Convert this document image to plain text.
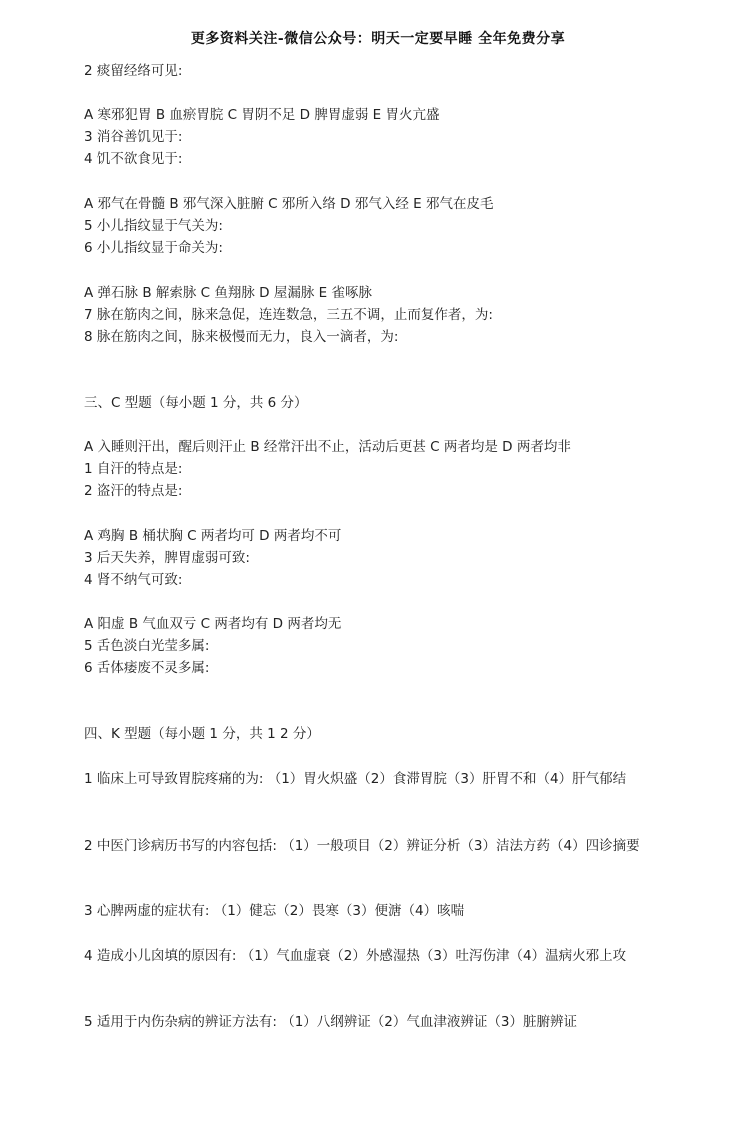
更多资料关注-微信公众号：明天一定要早睡 全年免费分享
2 痰留经络可见:
A 寒邪犯胃 B 血瘀胃脘 C 胃阴不足 D 脾胃虚弱 E 胃火亢盛
3 消谷善饥见于:
4 饥不欲食见于:
A 邪气在骨髓 B 邪气深入脏腑 C 邪所入络 D 邪气入经 E 邪气在皮毛
5 小儿指纹显于气关为:
6 小儿指纹显于命关为:
A 弹石脉 B 解索脉 C 鱼翔脉 D 屋漏脉 E 雀啄脉
7 脉在筋肉之间，脉来急促，连连数急，三五不调，止而复作者，为:
8 脉在筋肉之间，脉来极慢而无力，良入一滴者，为:
三、C 型题（每小题 1 分，共 6 分）
A 入睡则汗出，醒后则汗止 B 经常汗出不止，活动后更甚 C 两者均是 D 两者均非
1 自汗的特点是:
2 盗汗的特点是:
A 鸡胸 B 桶状胸 C 两者均可 D 两者均不可
3 后天失养，脾胃虚弱可致:
4 肾不纳气可致:
A 阳虚 B 气血双亏 C 两者均有 D 两者均无
5 舌色淡白光莹多属:
6 舌体痿废不灵多属:
四、K 型题（每小题 1 分，共 1 2 分）
1 临床上可导致胃脘疼痛的为: （1）胃火炽盛（2）食滞胃脘（3）肝胃不和（4）肝气郁结
2 中医门诊病历书写的内容包括: （1）一般项目（2）辨证分析（3）洁法方药（4）四诊摘要
3 心脾两虚的症状有: （1）健忘（2）畏寒（3）便溏（4）咳喘
4 造成小儿囟填的原因有: （1）气血虚衰（2）外感湿热（3）吐泻伤津（4）温病火邪上攻
5 适用于内伤杂病的辨证方法有: （1）八纲辨证（2）气血津液辨证（3）脏腑辨证
